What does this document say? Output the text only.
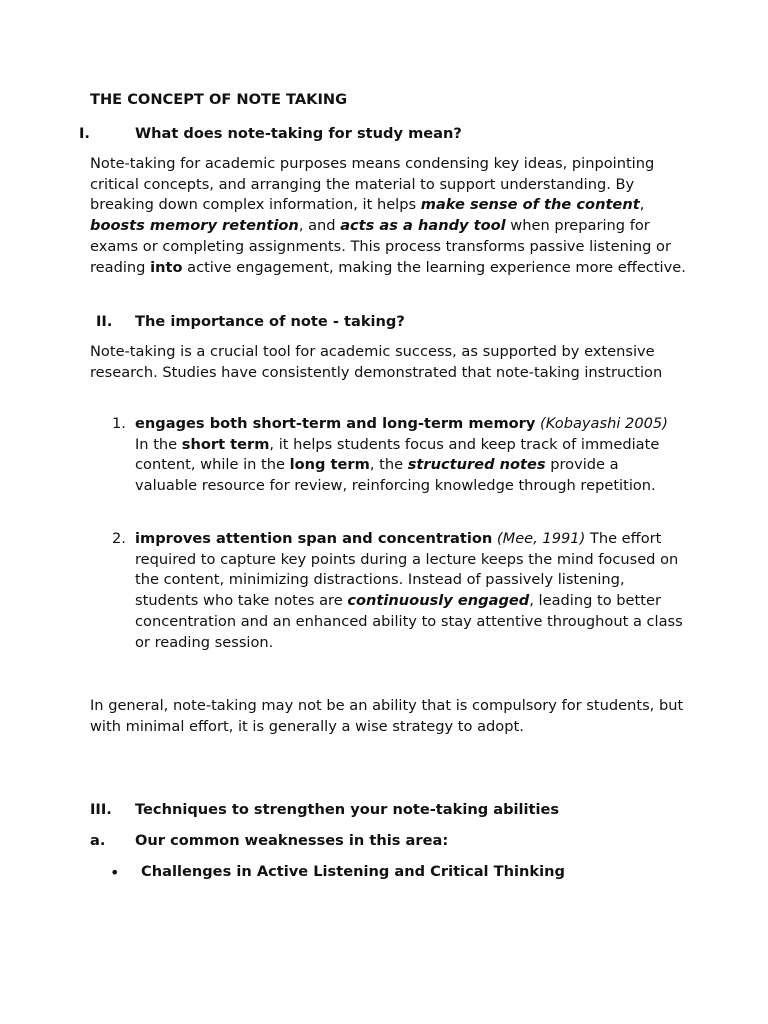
THE CONCEPT OF NOTE TAKING
I.	What does note-taking for study mean?

Note-taking for academic purposes means condensing key ideas, pinpointing critical concepts, and arranging the material to support understanding. By breaking down complex information, it helps make sense of the content, boosts memory retention, and acts as a handy tool when preparing for exams or completing assignments. This process transforms passive listening or reading into active engagement, making the learning experience more effective.

II. The importance of note - taking?

Note-taking is a crucial tool for academic success, as supported by extensive research. Studies have consistently demonstrated that note-taking instruction

1. engages both short-term and long-term memory (Kobayashi 2005) In the short term, it helps students focus and keep track of immediate content, while in the long term, the structured notes provide a valuable resource for review, reinforcing knowledge through repetition.

2. improves attention span and concentration (Mee, 1991) The effort required to capture key points during a lecture keeps the mind focused on the content, minimizing distractions. Instead of passively listening, students who take notes are continuously engaged, leading to better concentration and an enhanced ability to stay attentive throughout a class or reading session.

In general, note-taking may not be an ability that is compulsory for students, but with minimal effort, it is generally a wise strategy to adopt.

III. Techniques to strengthen your note-taking abilities
a. Our common weaknesses in this area:
• Challenges in Active Listening and Critical Thinking
